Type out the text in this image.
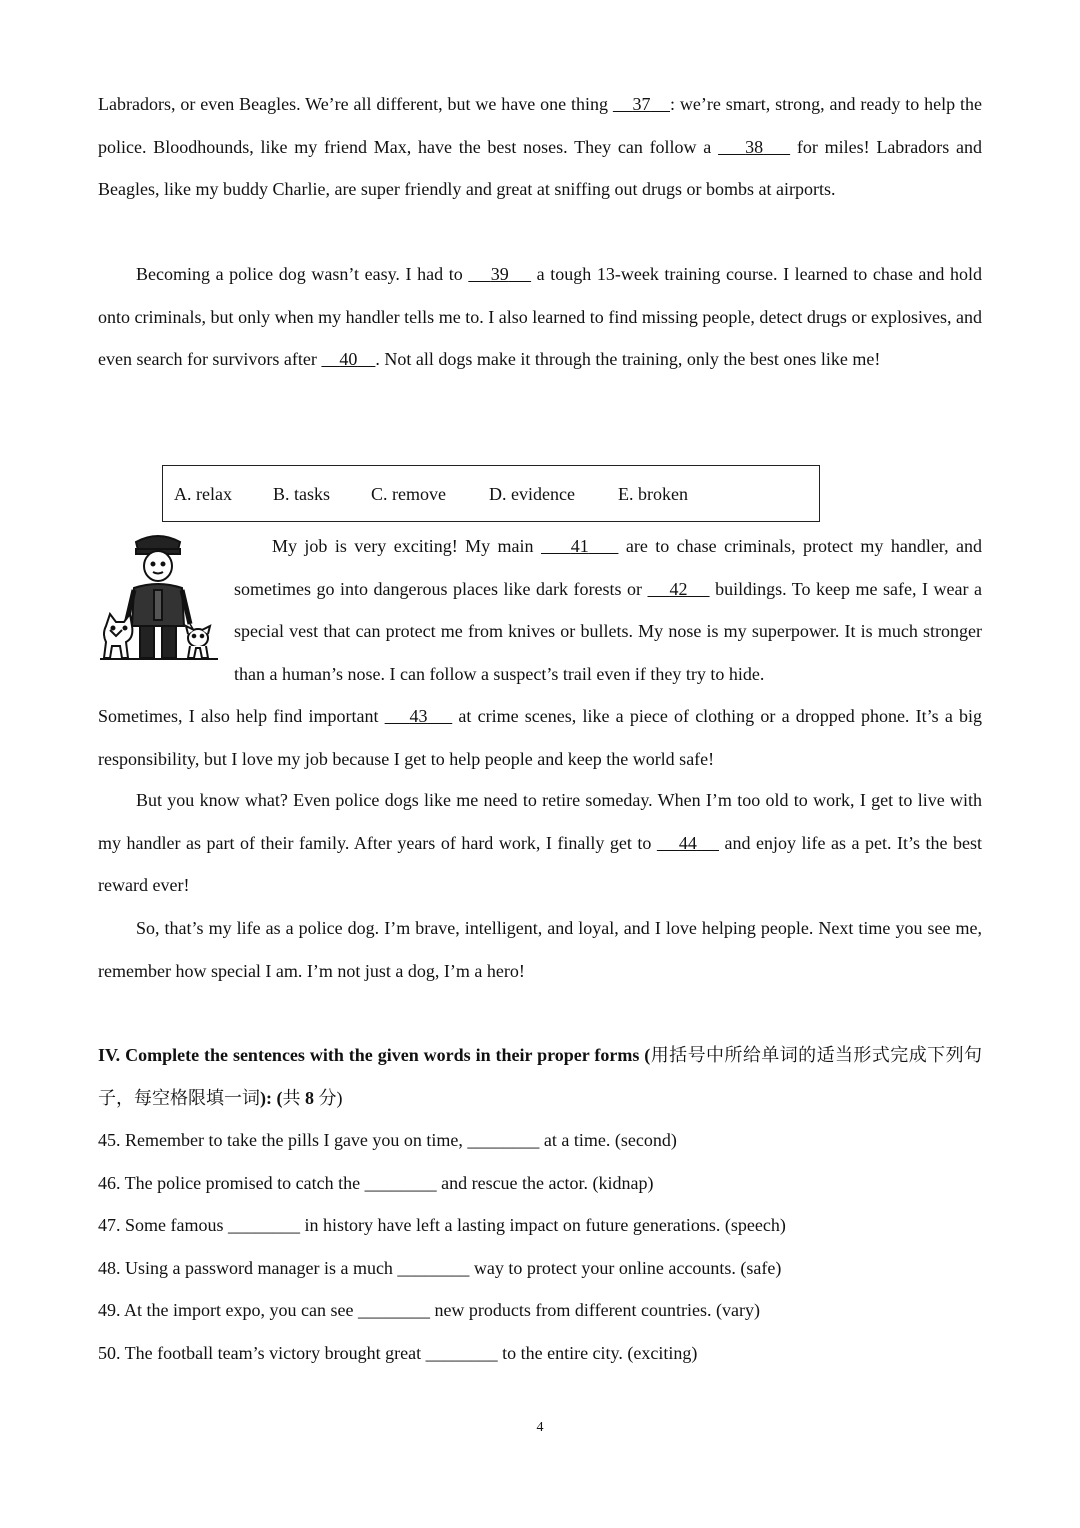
Labradors, or even Beagles. We’re all different, but we have one thing     37 : we’re smart, strong, and ready to help the police. Bloodhounds, like my friend Max, have the best noses. They can follow a     38     for miles! Labradors and Beagles, like my buddy Charlie, are super friendly and great at sniffing out drugs or bombs at airports.

Becoming a police dog wasn’t easy. I had to     39     a tough 13-week training course. I learned to chase and hold onto criminals, but only when my handler tells me to. I also learned to find missing people, detect drugs or explosives, and even search for survivors after     40 . Not all dogs make it through the training, only the best ones like me!

A. relax B. tasks C. remove D. evidence E. broken

My job is very exciting! My main     41     are to chase criminals, protect my handler, and sometimes go into dangerous places like dark forests or     42     buildings. To keep me safe, I wear a special vest that can protect me from knives or bullets. My nose is my superpower. It is much stronger than a human’s nose. I can follow a suspect’s trail even if they try to hide.

Sometimes, I also help find important     43     at crime scenes, like a piece of clothing or a dropped phone. It’s a big responsibility, but I love my job because I get to help people and keep the world safe!

But you know what? Even police dogs like me need to retire someday. When I’m too old to work, I get to live with my handler as part of their family. After years of hard work, I finally get to     44     and enjoy life as a pet. It’s the best reward ever!

So, that’s my life as a police dog. I’m brave, intelligent, and loyal, and I love helping people. Next time you see me, remember how special I am. I’m not just a dog, I’m a hero!

IV. Complete the sentences with the given words in their proper forms (用括号中所给单词的适当形式完成下列句子，每空格限填一词): (共 8 分)

45. Remember to take the pills I gave you on time, ________ at a time. (second)
46. The police promised to catch the ________ and rescue the actor. (kidnap)
47. Some famous ________ in history have left a lasting impact on future generations. (speech)
48. Using a password manager is a much ________ way to protect your online accounts. (safe)
49. At the import expo, you can see ________ new products from different countries. (vary)
50. The football team’s victory brought great ________ to the entire city. (exciting)
4
